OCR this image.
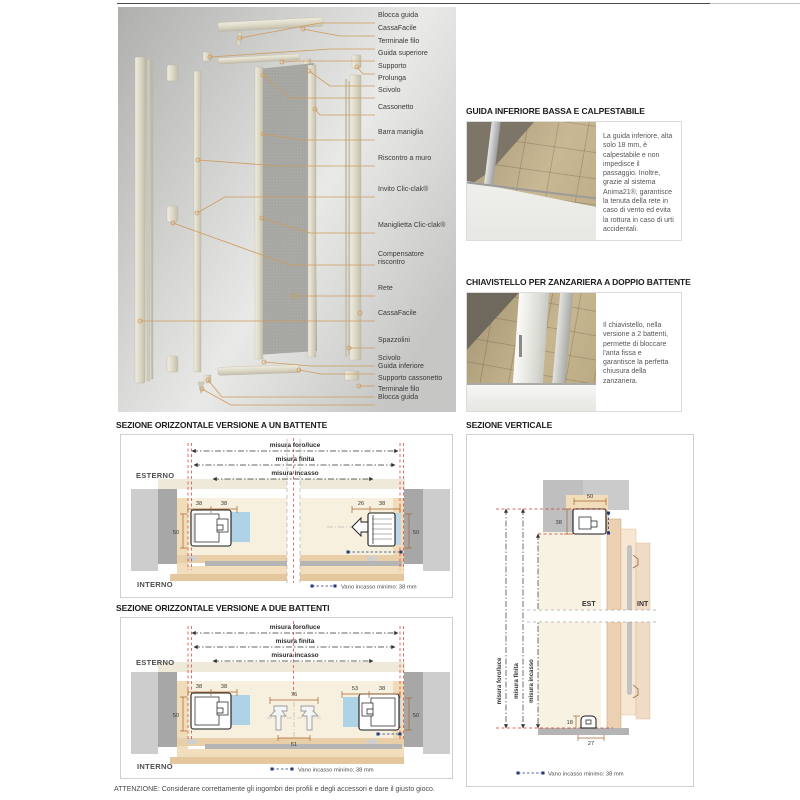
Blocca guida
CassaFacile
Terminale filo
Guida superiore
Supporto
Prolunga
Scivolo
Cassonetto
Barra maniglia
Riscontro a muro
Invito Clic-clak®
Maniglietta Clic-clak®
Compensatore riscontro
Rete
CassaFacile
Spazzolini
Scivolo
Guida inferiore
Supporto cassonetto
Terminale filo
Blocca guida
GUIDA INFERIORE BASSA E CALPESTABILE
La guida inferiore, alta solo 18 mm, è calpestabile e non impedisce il passaggio. Inoltre, grazie al sistema Anima21®, garantisce la tenuta della rete in caso di vento ed evita la rottura in caso di urti accidentali.
CHIAVISTELLO PER ZANZARIERA A DOPPIO BATTENTE
Il chiavistello, nella versione a 2 battenti, permette di bloccare l'anta fissa e garantisce la perfetta chiusura della zanzariera.
SEZIONE ORIZZONTALE VERSIONE A UN BATTENTE
misura foro/luce
misura finita
misura incasso
ESTERNO
INTERNO
38	38
50
26	38
50
Vano incasso minimo: 38 mm
SEZIONE ORIZZONTALE VERSIONE A DUE BATTENTI
misura foro/luce
misura finita
misura incasso
ESTERNO
INTERNO
38	38
50
76
51
53	38
50
Vano incasso minimo: 38 mm
SEZIONE VERTICALE
misura foro/luce misura finita misura incasso
EST	INT
50
38
18
27
Vano incasso minimo: 38 mm
ATTENZIONE: Considerare correttamente gli ingombri dei profili e degli accessori e dare il giusto gioco.
